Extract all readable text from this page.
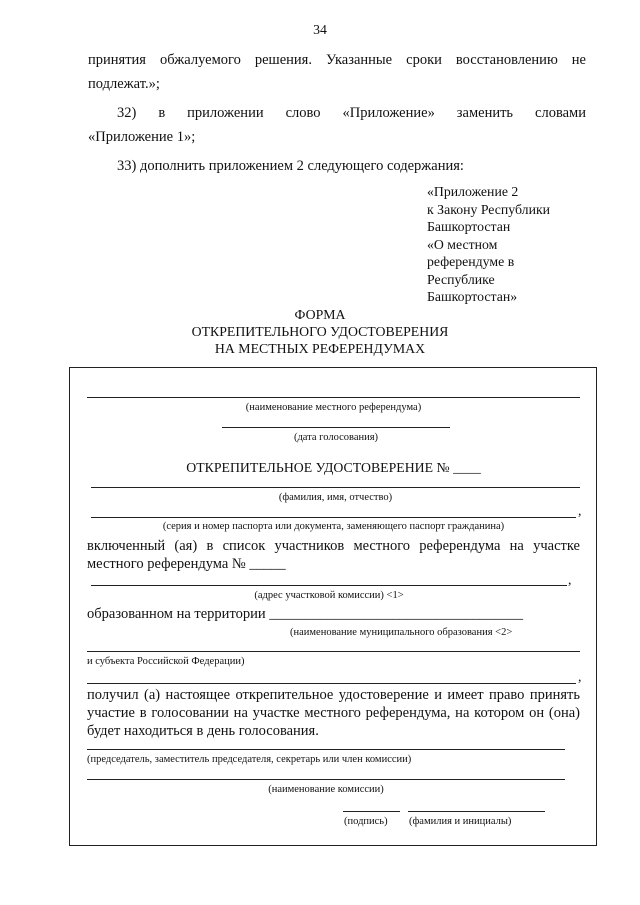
34
принятия обжалуемого решения. Указанные сроки восстановлению не
подлежат.»;
32) в приложении слово «Приложение» заменить словами
«Приложение 1»;
33) дополнить приложением 2 следующего содержания:
«Приложение 2
к Закону Республики
Башкортостан
«О местном
референдуме в
Республике
Башкортостан»
ФОРМА
ОТКРЕПИТЕЛЬНОГО УДОСТОВЕРЕНИЯ
НА МЕСТНЫХ РЕФЕРЕНДУМАХ
(наименование местного референдума)
(дата голосования)
ОТКРЕПИТЕЛЬНОЕ УДОСТОВЕРЕНИЕ № ____
(фамилия, имя, отчество)
,
(серия и номер паспорта или документа, заменяющего паспорт гражданина)
включенный (ая) в список участников местного референдума на участке
местного референдума № _____
,
(адрес участковой комиссии) <1>
образованном на территории ___________________________________
(наименование муниципального образования <2>
и субъекта Российской Федерации)
,
получил (а) настоящее открепительное удостоверение и имеет право принять
участие в голосовании на участке местного референдума, на котором он (она)
будет находиться в день голосования.
(председатель, заместитель председателя, секретарь или член комиссии)
(наименование комиссии)
(подпись) (фамилия и инициалы)
